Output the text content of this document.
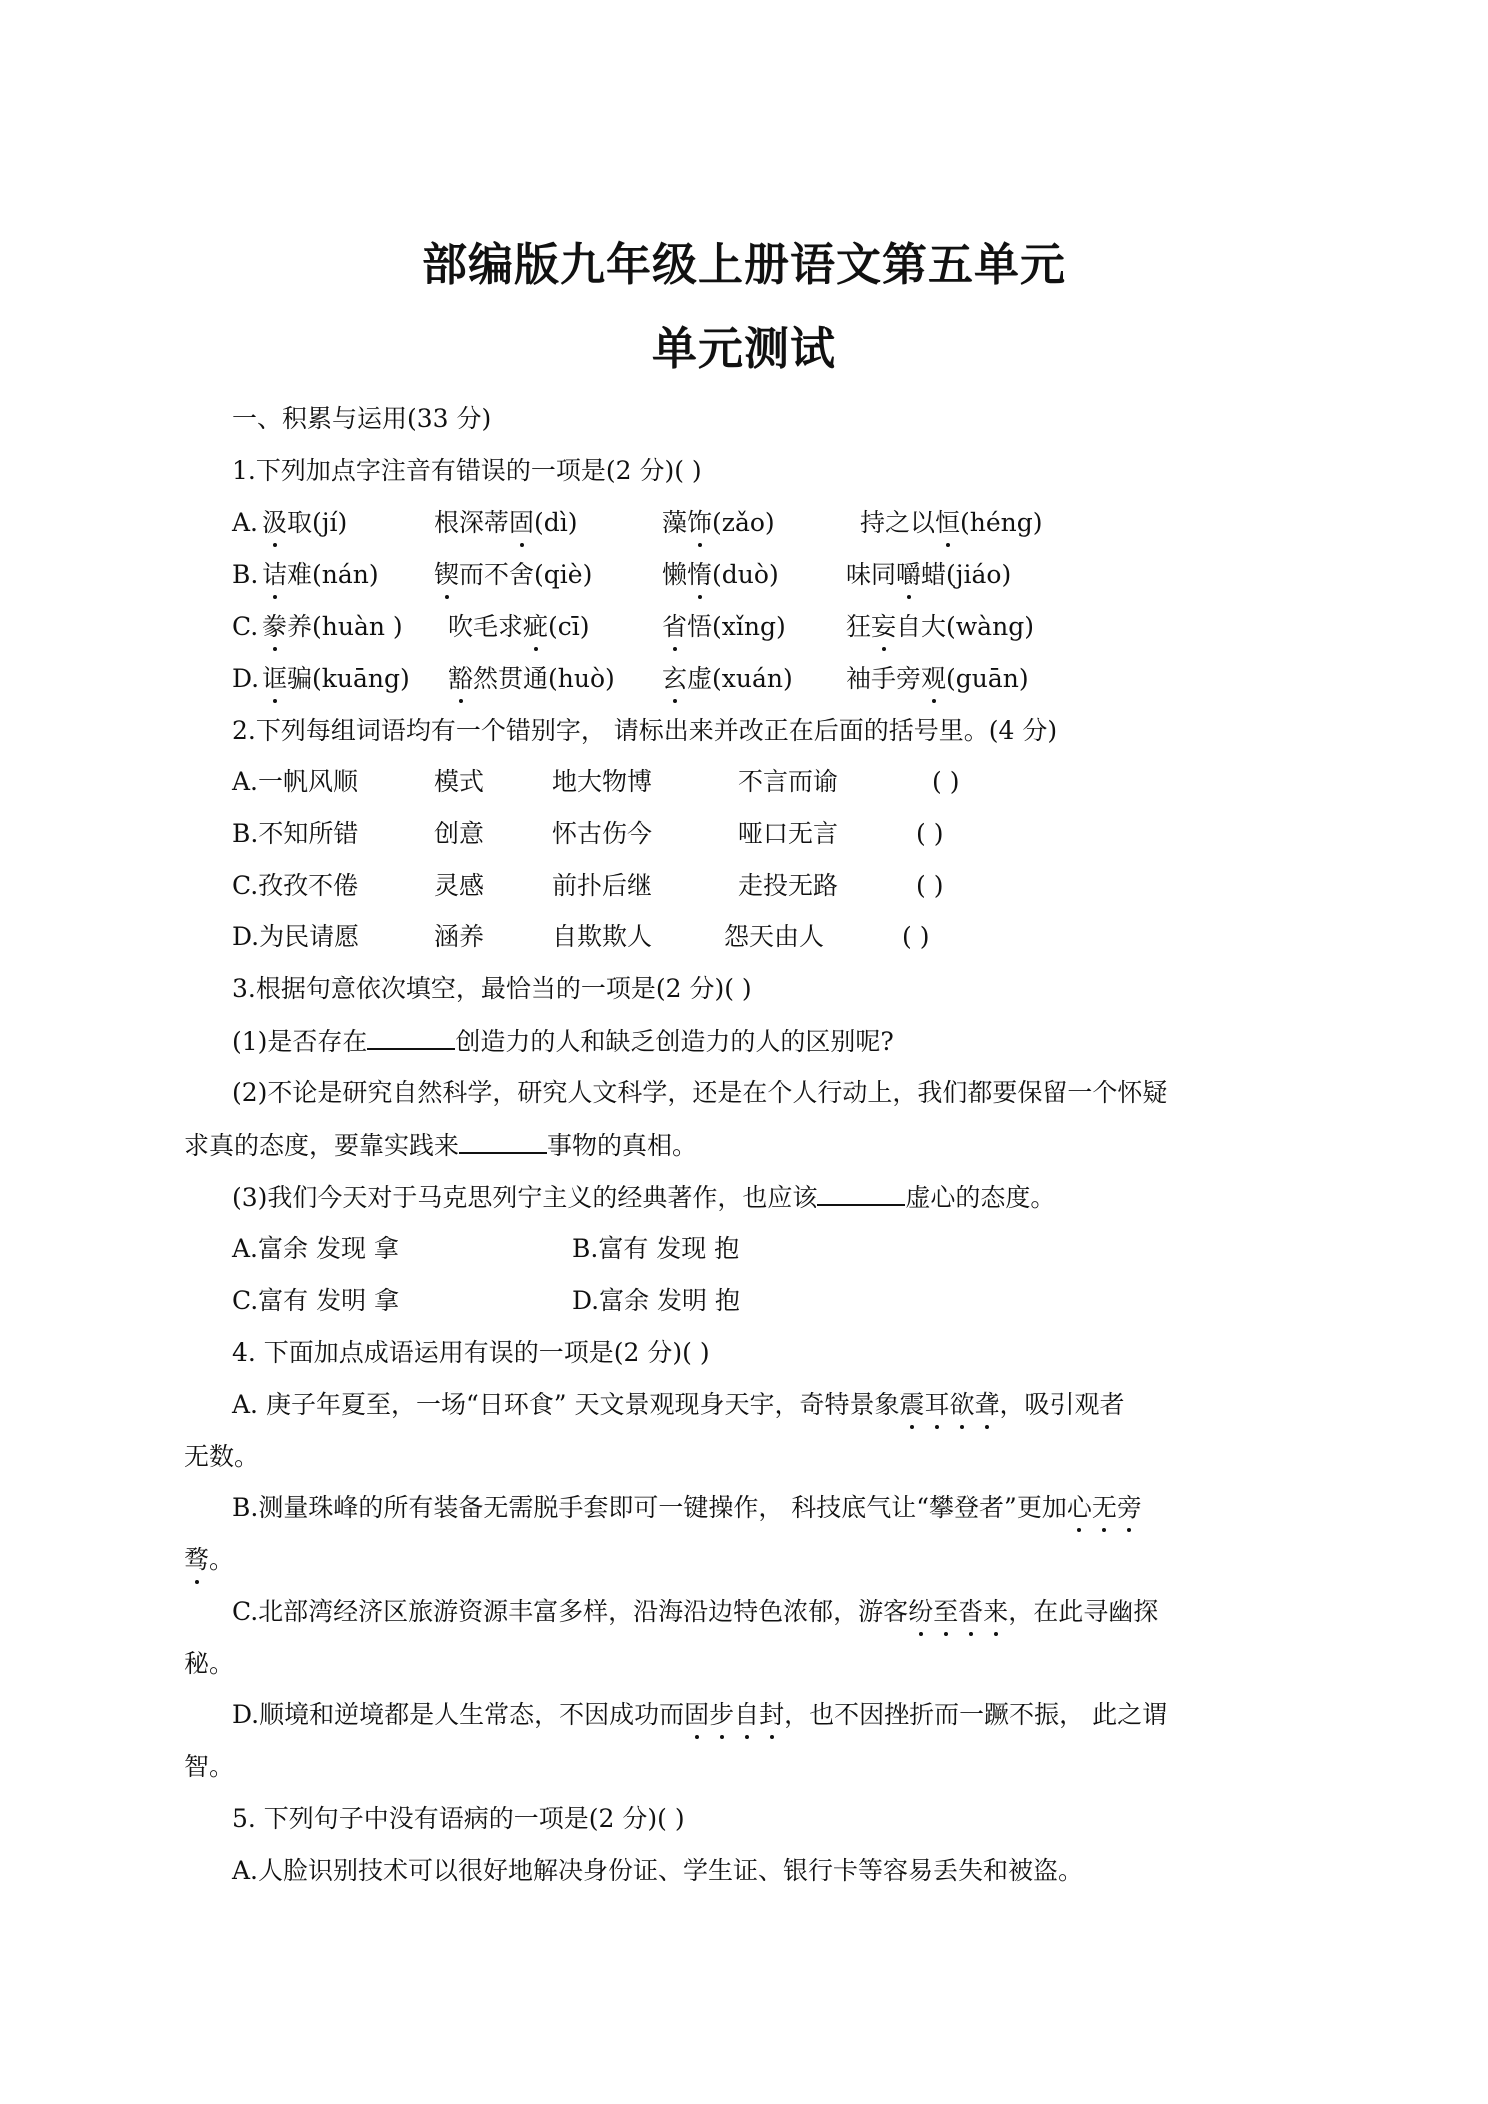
部编版九年级上册语文第五单元
单元测试
一、积累与运用(33 分)
1.下列加点字注音有错误的一项是(2 分)( )
A. 汲取(jí)	根深蒂固(dì)	藻饰(zǎo)	持之以恒(héng)
B. 诘难(nán) 锲而不舍(qiè)	懒惰(duò)	味同嚼蜡(jiáo)
C. 豢养(huàn ) 吹毛求疵(cī)	省悟(xǐng) 狂妄自大(wàng)
D. 诓骗(kuāng) 豁然贯通(huò) 玄虚(xuán) 袖手旁观(guān)
2.下列每组词语均有一个错别字， 请标出来并改正在后面的括号里。(4 分)
A.一帆风顺	模式	地大物博	不言而谕	( )
B.不知所错	创意	怀古伤今	哑口无言	( )
C.孜孜不倦	灵感	前扑后继	走投无路	( )
D.为民请愿	涵养	自欺欺人	怨天由人	( )
3.根据句意依次填空，最恰当的一项是(2 分)( )
(1)是否存在	创造力的人和缺乏创造力的人的区别呢?
(2)不论是研究自然科学，研究人文科学，还是在个人行动上，我们都要保留一个怀疑
求真的态度，要靠实践来	事物的真相。
(3)我们今天对于马克思列宁主义的经典著作，也应该	虚心的态度。
A.富余 发现 拿	B.富有 发现 抱
C.富有 发明 拿	D.富余 发明 抱
4. 下面加点成语运用有误的一项是(2 分)( )
A. 庚子年夏至，一场“日环食” 天文景观现身天宇，奇特景象震耳欲聋，吸引观者
无数。
B.测量珠峰的所有装备无需脱手套即可一键操作， 科技底气让“攀登者”更加心无旁
骛。
C.北部湾经济区旅游资源丰富多样，沿海沿边特色浓郁，游客纷至沓来，在此寻幽探
秘。
D.顺境和逆境都是人生常态，不因成功而固步自封，也不因挫折而一蹶不振， 此之谓
智。
5. 下列句子中没有语病的一项是(2 分)( )
A.人脸识别技术可以很好地解决身份证、学生证、银行卡等容易丢失和被盗。
